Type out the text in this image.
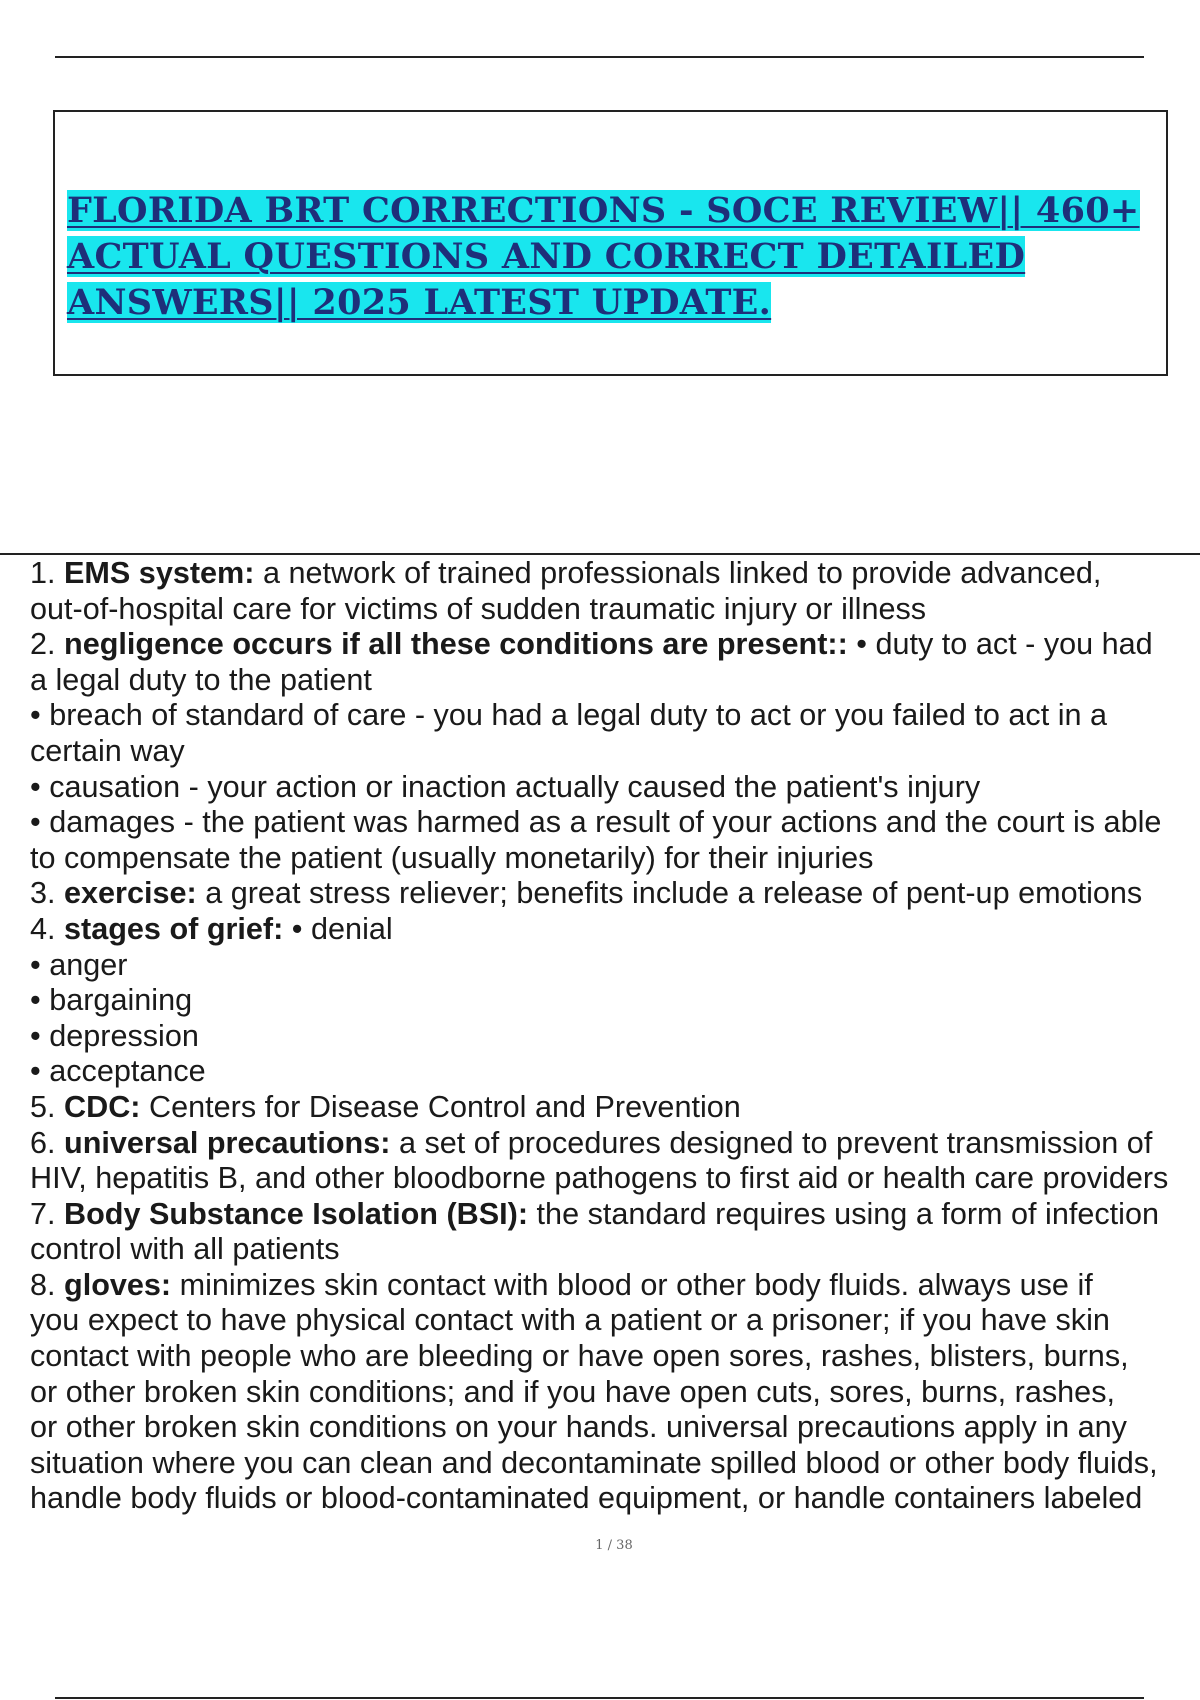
FLORIDA BRT CORRECTIONS - SOCE REVIEW|| 460+
ACTUAL QUESTIONS AND CORRECT DETAILED
ANSWERS|| 2025 LATEST UPDATE.

1. EMS system: a network of trained professionals linked to provide advanced,
out-of-hospital care for victims of sudden traumatic injury or illness
2. negligence occurs if all these conditions are present:: • duty to act - you had
a legal duty to the patient
• breach of standard of care - you had a legal duty to act or you failed to act in a
certain way
• causation - your action or inaction actually caused the patient's injury
• damages - the patient was harmed as a result of your actions and the court is able
to compensate the patient (usually monetarily) for their injuries
3. exercise: a great stress reliever; benefits include a release of pent-up emotions
4. stages of grief: • denial
• anger
• bargaining
• depression
• acceptance
5. CDC: Centers for Disease Control and Prevention
6. universal precautions: a set of procedures designed to prevent transmission of
HIV, hepatitis B, and other bloodborne pathogens to first aid or health care providers
7. Body Substance Isolation (BSI): the standard requires using a form of infection
control with all patients
8. gloves: minimizes skin contact with blood or other body fluids. always use if
you expect to have physical contact with a patient or a prisoner; if you have skin
contact with people who are bleeding or have open sores, rashes, blisters, burns,
or other broken skin conditions; and if you have open cuts, sores, burns, rashes,
or other broken skin conditions on your hands. universal precautions apply in any
situation where you can clean and decontaminate spilled blood or other body fluids,
handle body fluids or blood-contaminated equipment, or handle containers labeled
1 / 38
